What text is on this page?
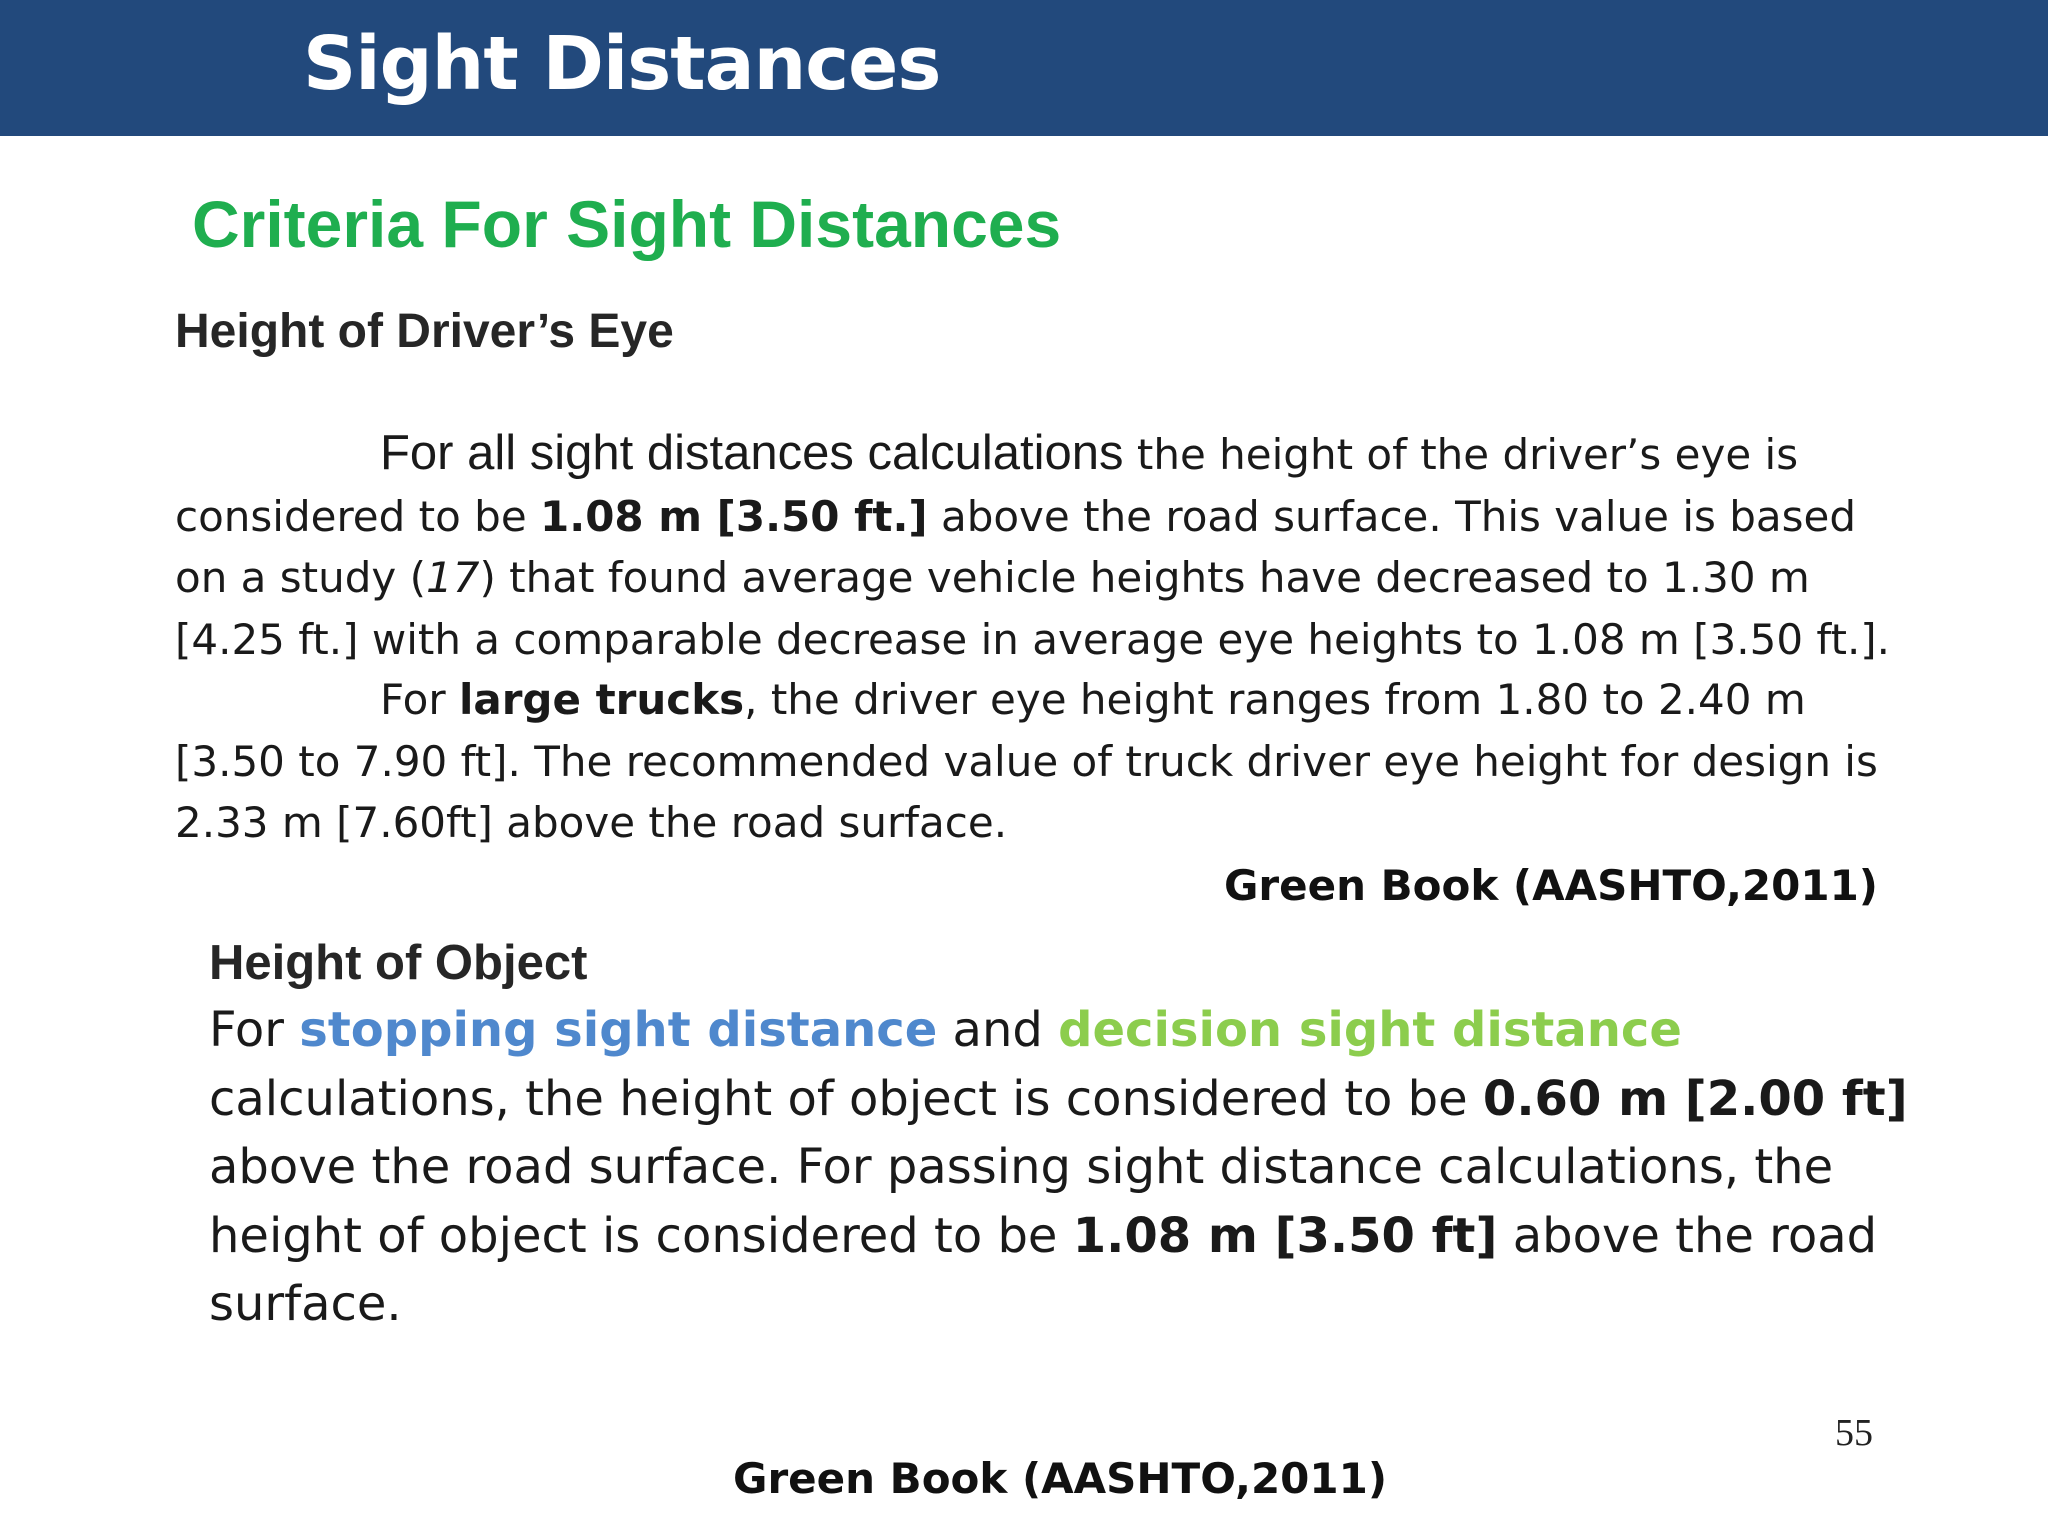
Sight Distances
Criteria For Sight Distances
Height of Driver’s Eye

For all sight distances calculations the height of the driver’s eye is considered to be 1.08 m [3.50 ft.] above the road surface. This value is based on a study (17) that found average vehicle heights have decreased to 1.30 m [4.25 ft.] with a comparable decrease in average eye heights to 1.08 m [3.50 ft.].

For large trucks, the driver eye height ranges from 1.80 to 2.40 m [3.50 to 7.90 ft]. The recommended value of truck driver eye height for design is 2.33 m [7.60ft] above the road surface.

Green Book (AASHTO,2011)

Height of Object

For stopping sight distance and decision sight distance calculations, the height of object is considered to be 0.60 m [2.00 ft] above the road surface. For passing sight distance calculations, the height of object is considered to be 1.08 m [3.50 ft] above the road surface.

55

Green Book (AASHTO,2011)
